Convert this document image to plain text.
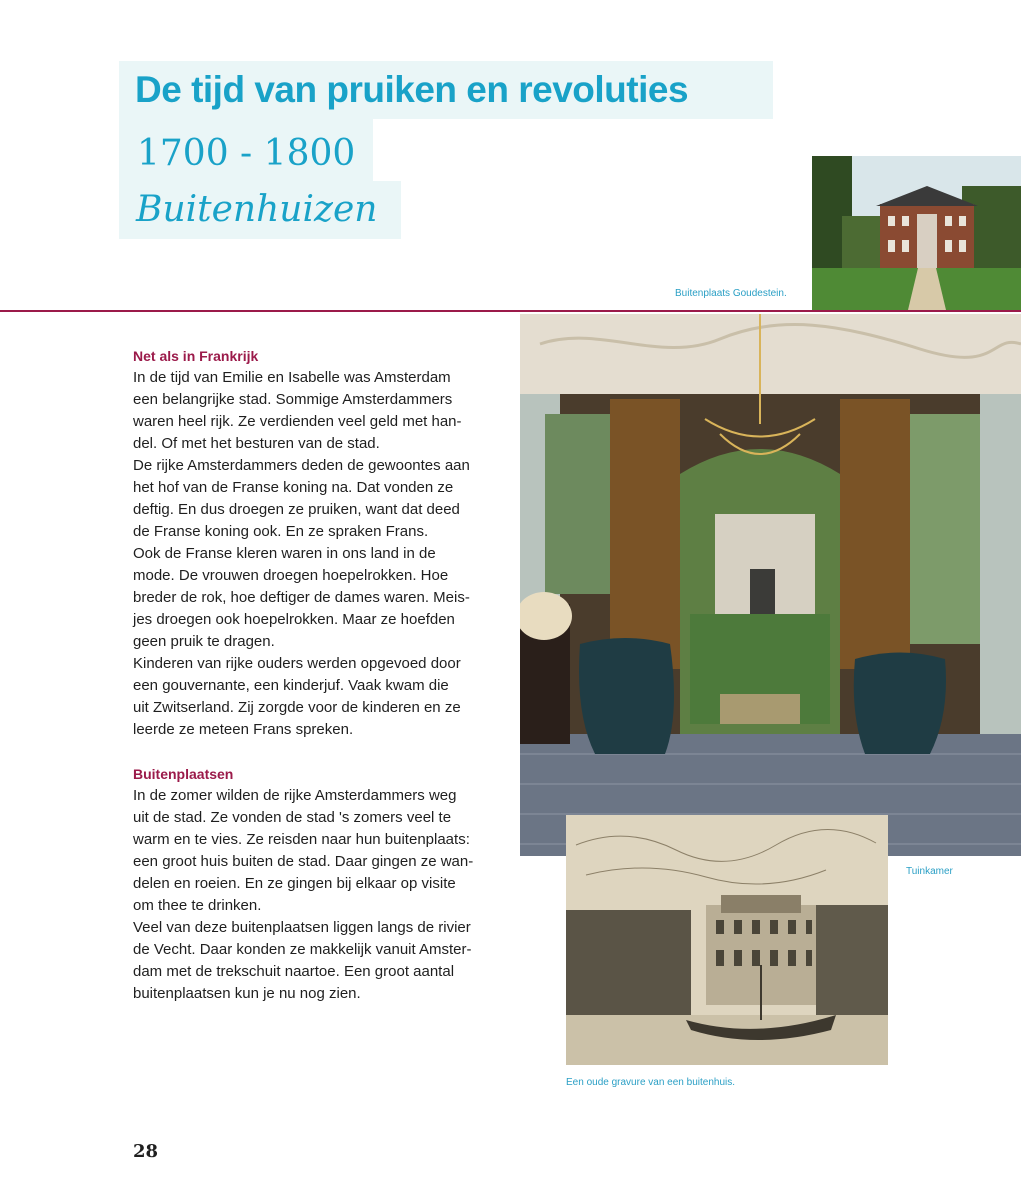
De tijd van pruiken en revoluties
1700 - 1800
Buitenhuizen
Buitenplaats Goudestein.
Tuinkamer
Een oude gravure van een buitenhuis.
Net als in Frankrijk

In de tijd van Emilie en Isabelle was Amsterdam

een belangrijke stad. Sommige Amsterdammers

waren heel rijk. Ze verdienden veel geld met han-

del. Of met het besturen van de stad.

De rijke Amsterdammers deden de gewoontes aan

het hof van de Franse koning na. Dat vonden ze

deftig. En dus droegen ze pruiken, want dat deed

de Franse koning ook. En ze spraken Frans.

Ook de Franse kleren waren in ons land in de

mode. De vrouwen droegen hoepelrokken. Hoe

breder de rok, hoe deftiger de dames waren. Meis-

jes droegen ook hoepelrokken. Maar ze hoefden

geen pruik te dragen.

Kinderen van rijke ouders werden opgevoed door

een gouvernante, een kinderjuf. Vaak kwam die

uit Zwitserland. Zij zorgde voor de kinderen en ze

leerde ze meteen Frans spreken.

Buitenplaatsen

In de zomer wilden de rijke Amsterdammers weg

uit de stad. Ze vonden de stad 's zomers veel te

warm en te vies. Ze reisden naar hun buitenplaats:

een groot huis buiten de stad. Daar gingen ze wan-

delen en roeien. En ze gingen bij elkaar op visite

om thee te drinken.

Veel van deze buitenplaatsen liggen langs de rivier

de Vecht. Daar konden ze makkelijk vanuit Amster-

dam met de trekschuit naartoe. Een groot aantal

buitenplaatsen kun je nu nog zien.

28
